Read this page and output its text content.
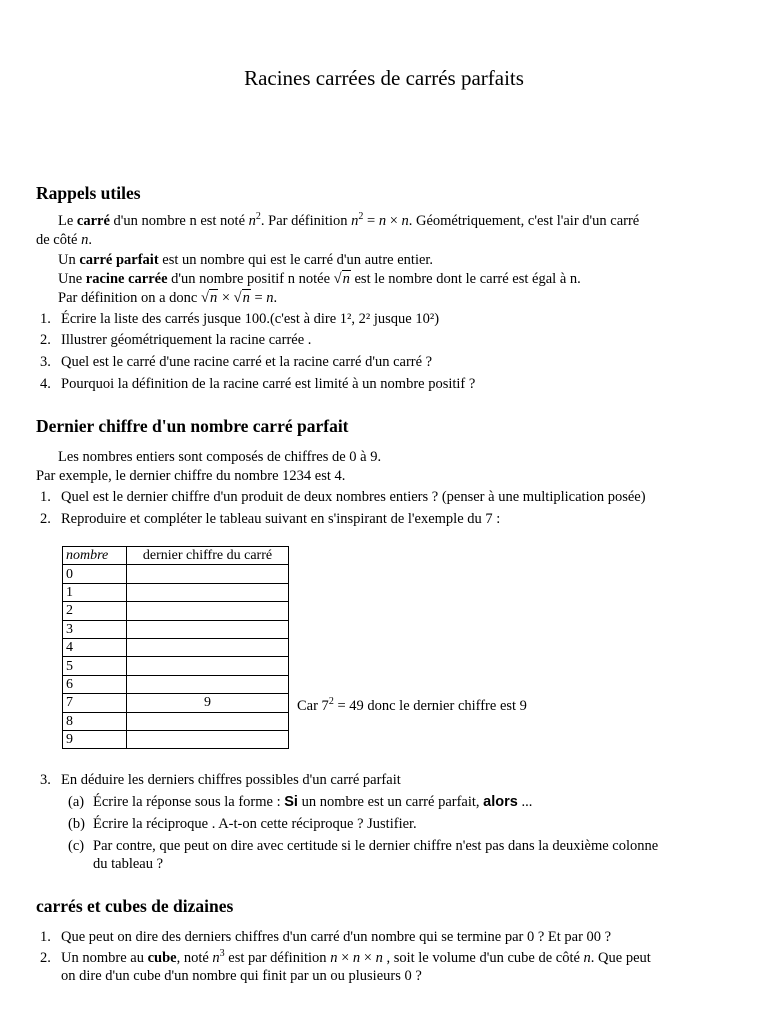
Racines carrées de carrés parfaits
Rappels utiles
Le carré d'un nombre n est noté $n^2$. Par définition $n^2 = n \times n$. Géométriquement, c'est l'air d'un carré
de côté n.
Un carré parfait est un nombre qui est le carré d'un autre entier.
Une racine carrée d'un nombre positif n notée √n est le nombre dont le carré est égal à n.
Par définition on a donc √n × √n = n.
1. Écrire la liste des carrés jusque 100.(c'est à dire 1², 2² jusque 10²)
2. Illustrer géométriquement la racine carrée .
3. Quel est le carré d'une racine carré et la racine carré d'un carré ?
4. Pourquoi la définition de la racine carré est limité à un nombre positif ?
Dernier chiffre d'un nombre carré parfait
Les nombres entiers sont composés de chiffres de 0 à 9.
Par exemple, le dernier chiffre du nombre 1234 est 4.
1. Quel est le dernier chiffre d'un produit de deux nombres entiers ? (penser à une multiplication posée)
2. Reproduire et compléter le tableau suivant en s'inspirant de l'exemple du 7 :
nombre	dernier chiffre du carré
0	
1	
2	
3	
4	
5	
6	
7	9
8	
9	
Car $7^2 = 49$ donc le dernier chiffre est 9
3. En déduire les derniers chiffres possibles d'un carré parfait
(a) Écrire la réponse sous la forme : Si un nombre est un carré parfait, alors ...
(b) Écrire la réciproque . A-t-on cette réciproque ? Justifier.
(c) Par contre, que peut on dire avec certitude si le dernier chiffre n'est pas dans la deuxième colonne
du tableau ?
carrés et cubes de dizaines
1. Que peut on dire des derniers chiffres d'un carré d'un nombre qui se termine par 0 ? Et par 00 ?
2. Un nombre au cube, noté $n^3$ est par définition n × n × n , soit le volume d'un cube de côté n. Que peut
on dire d'un cube d'un nombre qui finit par un ou plusieurs 0 ?
